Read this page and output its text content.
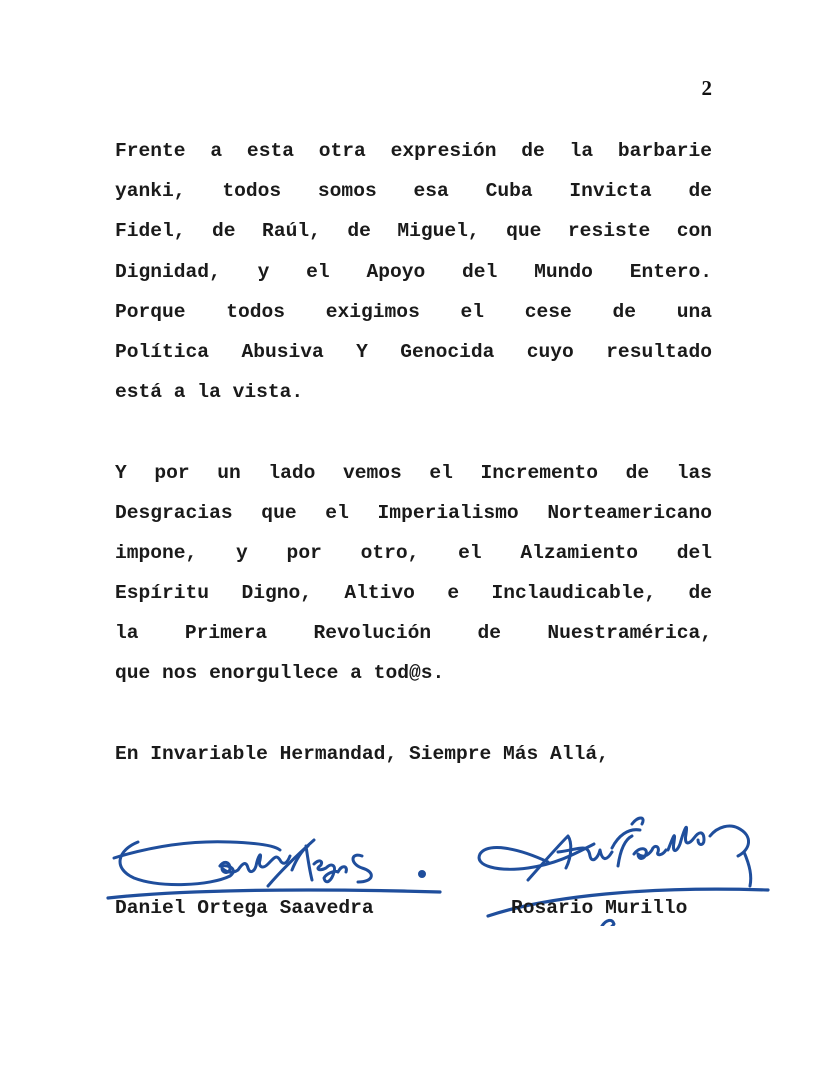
2
Frente a esta otra expresión de la barbarie
yanki, todos somos esa Cuba Invicta de
Fidel, de Raúl, de Miguel, que resiste con
Dignidad, y el Apoyo del Mundo Entero.
Porque todos exigimos el cese de una
Política Abusiva Y Genocida cuyo resultado
está a la vista.
Y por un lado vemos el Incremento de las
Desgracias que el Imperialismo Norteamericano
impone, y por otro, el Alzamiento del
Espíritu Digno, Altivo e Inclaudicable, de
la Primera Revolución de Nuestramérica,
que nos enorgullece a tod@s.
En Invariable Hermandad, Siempre Más Allá,
Daniel Ortega Saavedra	Rosario Murillo
